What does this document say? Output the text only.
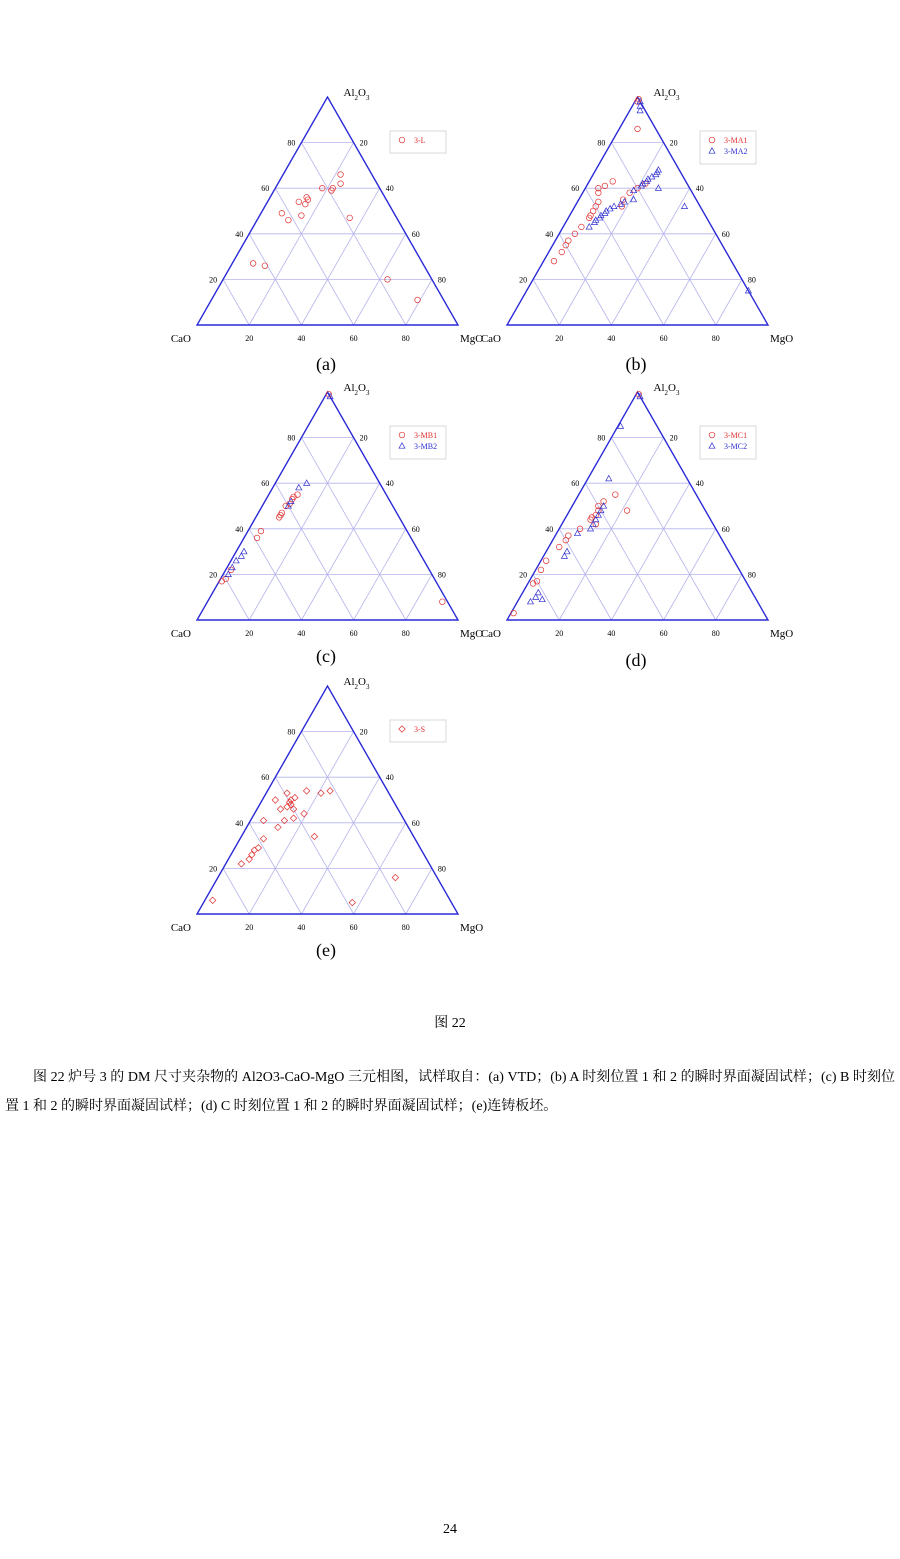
20
20
20
40
40
40
60
60
60
80
80
80
CaO	MgO
$Al_2O_3$
3-L
(a)
20
20
20
40
40
40
60
60
60
80
80
80
CaO	MgO
$Al_2O_3$
3-MA1
3-MA2
(b)
20
20
20
40
40
40
60
60
60
80
80
80
CaO	MgO
$Al_2O_3$
3-MB1
3-MB2
(c)
20
20
20
40
40
40
60
60
60
80
80
80
CaO	MgO
$Al_2O_3$
3-MC1
3-MC2
(d)
20
20
20
40
40
40
60
60
60
80
80
80
CaO	MgO
$Al_2O_3$
3-S
(e)
图 22
图 22 炉号 3 的 DM 尺寸夹杂物的 Al2O3-CaO-MgO 三元相图，试样取自：(a) VTD；(b) A 时刻位置 1 和 2 的瞬时界面凝固试样；(c) B 时刻位置 1 和 2 的瞬时界面凝固试样；(d) C 时刻位置 1 和 2 的瞬时界面凝固试样；(e)连铸板坯。
24
